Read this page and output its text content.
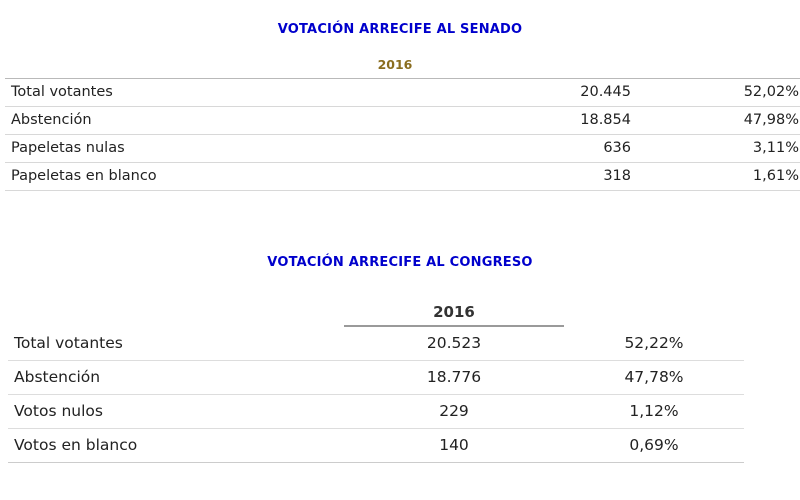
VOTACIÓN ARRECIFE AL SENADO
2016
Total votantes	20.445	52,02%
Abstención	18.854	47,98%
Papeletas nulas	636	3,11%
Papeletas en blanco	318	1,61%
VOTACIÓN ARRECIFE AL CONGRESO
	2016	
Total votantes	20.523	52,22%
Abstención	18.776	47,78%
Votos nulos	229	1,12%
Votos en blanco	140	0,69%
